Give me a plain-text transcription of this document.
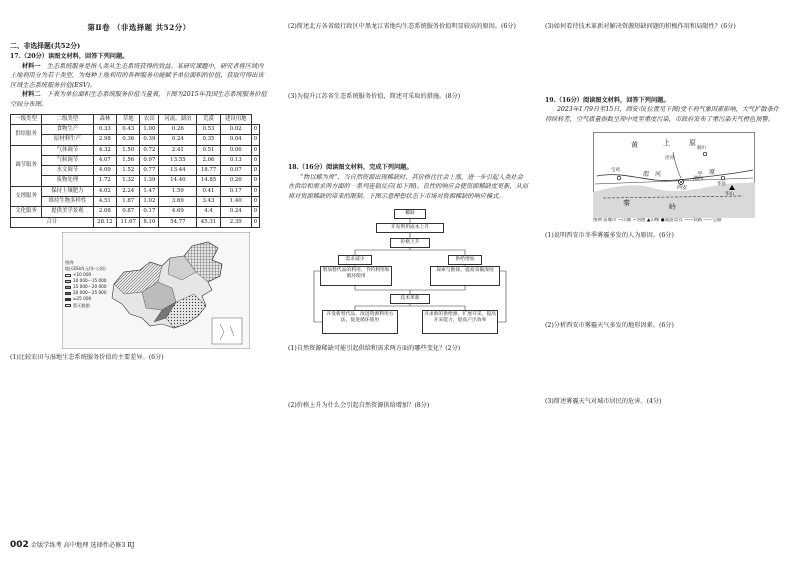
第Ⅱ卷 （非选择题 共52分）
二、非选择题(共52分)

17.（20分）读图文材料，回答下列问题。

材料一　 生态系统服务是指人类从生态系统获得的效益。某研究课题中，研究者将区域内土地利用分为若干类型，为每种土地利用的各种服务功能赋予单位面积的价值，获取可得出该区域生态系统服务价值(ESV)。

材料二　 下表为单位面积生态系统服务价值当量表，下图为2015年我国生态系统服务价值空间分布图。

一级类型	二级类型	森林	草地	农田	河流、湖泊	荒漠	建设用地	
供给服务	食物生产	0.33	0.43	1.00	0.26	0.53	0.02	0
	原材料生产	2.98	0.36	0.39	0.24	0.35	0.04	0
调节服务	气体调节	4.32	1.50	0.72	2.41	0.51	0.06	0
	气候调节	4.07	1.56	0.97	13.55	2.06	0.13	0
	水文调节	4.09	1.52	0.77	13.44	18.77	0.07	0
	废物处理	1.72	1.32	1.39	14.40	14.85	0.26	0
支撑服务	保持土壤肥力	4.02	2.24	1.47	1.59	0.41	0.17	0
	维持生物多样性	4.51	1.87	1.02	3.69	3.43	1.40	0
文化服务	提供美学景观	2.08	0.87	0.17	4.69	4.4	0.24	0
合计		28.12	11.67	8.10	54.77	45.31	2.39	0
图例
地区ESV/(元/年·公顷)
<10 000
10 000～15 000
15 000～20 000
20 000～25 000
≥25 000
暂无数据

(1)比较农田与湿地生态系统服务价值的主要差异。(6分)

(2)简述北方各省级行政区中黑龙江省地均生态系统服务价值明显较高的原因。(6分)

(3)为提升江苏省生态系统服务价值，简述可采取的措施。(8分)

18.（16分）阅读图文材料，完成下列问题。

“物以稀为贵”，当自然资源出现稀缺时，其价格往往会上涨，进一步引起人类社会在供给和需求两方面的一系列连锁反应(如下图)。良性的响应会使资源稀缺度更新，从而将对资源稀缺的带来的限制。下图示意理想状态下市场对资源稀缺的响应模式。

稀缺
开发利用成本上升
价格上升
需求减少	供给增加
增加替代品的利用，节约利用和循环使用
探索与勘探，提高采掘深度
技术革新
开发新替代品，改进资源利用方法，促进循环使用
寻求新的供给源，扩展开采，提高开采能力，提高产出效率

(1)自然资源稀缺可能引起供给和需求两方面的哪些变化？(2分)

(2)价格上升为什么会引起自然资源供给增加？(8分)

(3)如何看待技术革新对解决资源短缺问题的积极作用和局限性？(6分)

19.（16分）阅读图文材料，回答下列问题。

2023年1月9日至15日，西安市(位置见下图)受不利气象因素影响，大气扩散条件持续转差，空气质量指数呈现中度至重度污染，市政府发布了重污染天气橙色预警。

黄	上	原
铜川
泾河
宝鸡
渭 河	平 原
西安
华县
华山
秦	岭
渭河
图例 ◎城市 —山脉 ∽河流 ▲山峰 ●旅游景点 ——铁路 ——公路

(1)说明西安市冬季雾霾多发的人为原因。(6分)

(2)分析西安市雾霾天气多发的地形因素。(6分)

(3)简述雾霾天气对城市居民的危害。(4分)

002 金版学练考 高中地理 选择性必修3 RJ
